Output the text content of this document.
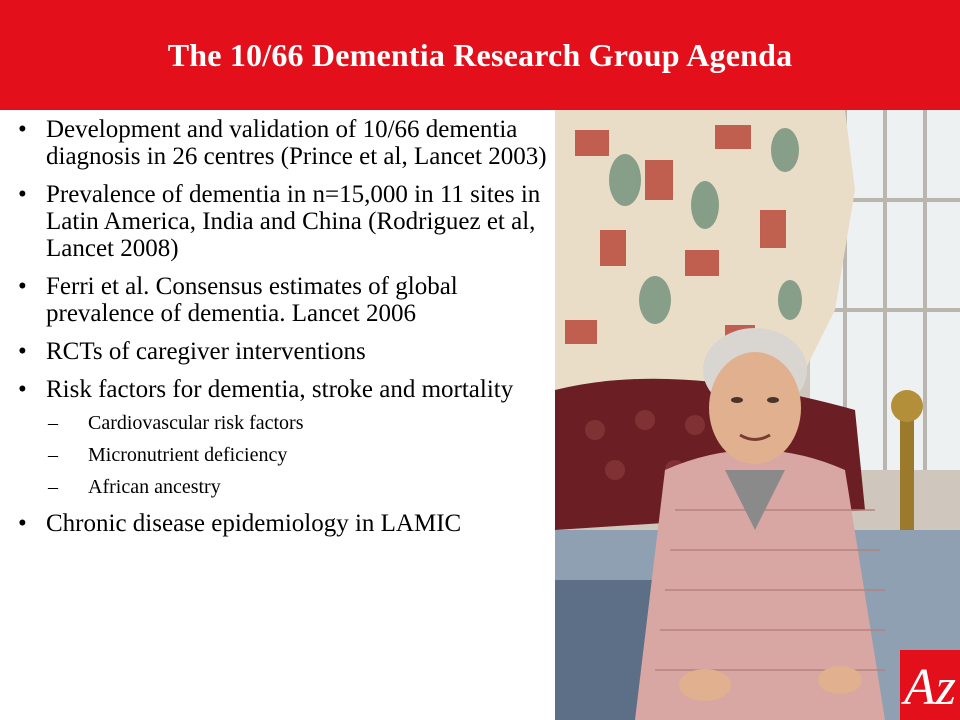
The 10/66 Dementia Research Group Agenda
• Development and validation of 10/66 dementia diagnosis in 26 centres (Prince et al, Lancet 2003)
• Prevalence of dementia in n=15,000 in 11 sites in Latin America, India and China (Rodriguez et al, Lancet 2008)
• Ferri et al. Consensus estimates of global prevalence of dementia. Lancet 2006
• RCTs of caregiver interventions
• Risk factors for dementia, stroke and mortality
– Cardiovascular risk factors
– Micronutrient deficiency
– African ancestry
• Chronic disease epidemiology in LAMIC
Az
